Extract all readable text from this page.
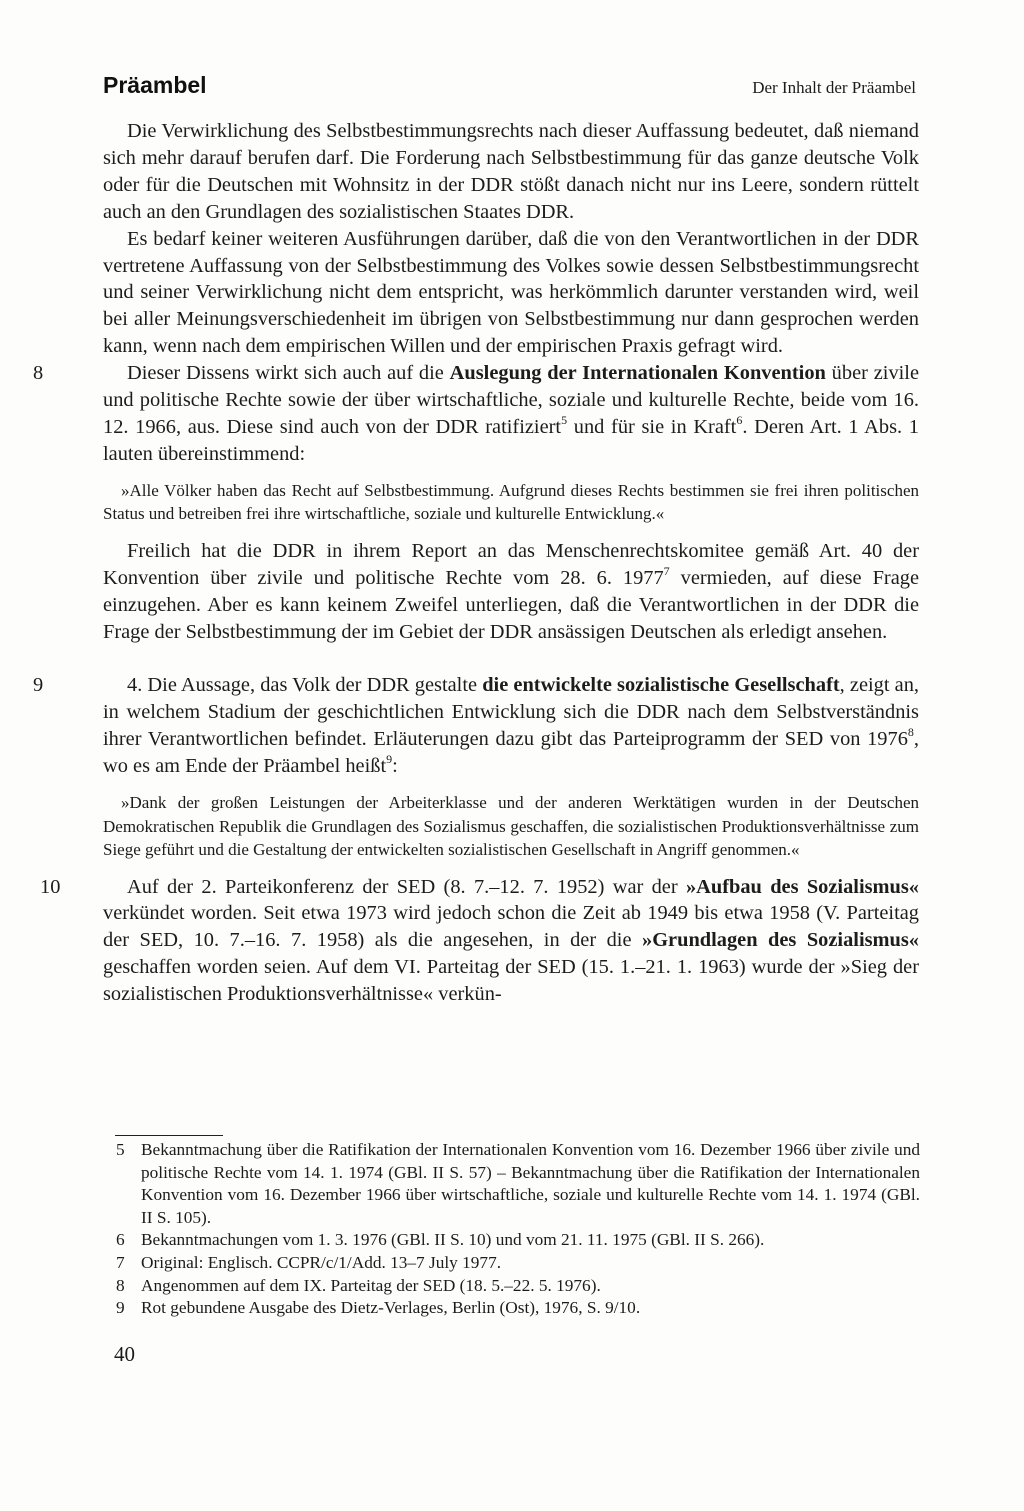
Präambel	Der Inhalt der Präambel

Die Verwirklichung des Selbstbestimmungsrechts nach dieser Auffassung bedeutet, daß niemand sich mehr darauf berufen darf. Die Forderung nach Selbstbestimmung für das ganze deutsche Volk oder für die Deutschen mit Wohnsitz in der DDR stößt danach nicht nur ins Leere, sondern rüttelt auch an den Grundlagen des sozialistischen Staates DDR.

Es bedarf keiner weiteren Ausführungen darüber, daß die von den Verantwortlichen in der DDR vertretene Auffassung von der Selbstbestimmung des Volkes sowie dessen Selbstbestimmungsrecht und seiner Verwirklichung nicht dem entspricht, was herkömmlich darunter verstanden wird, weil bei aller Meinungsverschiedenheit im übrigen von Selbstbestimmung nur dann gesprochen werden kann, wenn nach dem empirischen Willen und der empirischen Praxis gefragt wird.

8	Dieser Dissens wirkt sich auch auf die Auslegung der Internationalen Konvention über zivile und politische Rechte sowie der über wirtschaftliche, soziale und kulturelle Rechte, beide vom 16. 12. 1966, aus. Diese sind auch von der DDR ratifiziert$^5$ und für sie in Kraft$^6$. Deren Art. 1 Abs. 1 lauten übereinstimmend:

»Alle Völker haben das Recht auf Selbstbestimmung. Aufgrund dieses Rechts bestimmen sie frei ihren politischen Status und betreiben frei ihre wirtschaftliche, soziale und kulturelle Entwicklung.«

Freilich hat die DDR in ihrem Report an das Menschenrechtskomitee gemäß Art. 40 der Konvention über zivile und politische Rechte vom 28. 6. 1977$^7$ vermieden, auf diese Frage einzugehen. Aber es kann keinem Zweifel unterliegen, daß die Verantwortlichen in der DDR die Frage der Selbstbestimmung der im Gebiet der DDR ansässigen Deutschen als erledigt ansehen.

9	4. Die Aussage, das Volk der DDR gestalte die entwickelte sozialistische Gesellschaft, zeigt an, in welchem Stadium der geschichtlichen Entwicklung sich die DDR nach dem Selbstverständnis ihrer Verantwortlichen befindet. Erläuterungen dazu gibt das Parteiprogramm der SED von 1976$^8$, wo es am Ende der Präambel heißt$^9$:

»Dank der großen Leistungen der Arbeiterklasse und der anderen Werktätigen wurden in der Deutschen Demokratischen Republik die Grundlagen des Sozialismus geschaffen, die sozialistischen Produktionsverhältnisse zum Siege geführt und die Gestaltung der entwickelten sozialistischen Gesellschaft in Angriff genommen.«

10	Auf der 2. Parteikonferenz der SED (8. 7.–12. 7. 1952) war der »Aufbau des Sozialismus« verkündet worden. Seit etwa 1973 wird jedoch schon die Zeit ab 1949 bis etwa 1958 (V. Parteitag der SED, 10. 7.–16. 7. 1958) als die angesehen, in der die »Grundlagen des Sozialismus« geschaffen worden seien. Auf dem VI. Parteitag der SED (15. 1.–21. 1. 1963) wurde der »Sieg der sozialistischen Produktionsverhältnisse« verkün-

5 Bekanntmachung über die Ratifikation der Internationalen Konvention vom 16. Dezember 1966 über zivile und politische Rechte vom 14. 1. 1974 (GBl. II S. 57) – Bekanntmachung über die Ratifikation der Internationalen Konvention vom 16. Dezember 1966 über wirtschaftliche, soziale und kulturelle Rechte vom 14. 1. 1974 (GBl. II S. 105).
6 Bekanntmachungen vom 1. 3. 1976 (GBl. II S. 10) und vom 21. 11. 1975 (GBl. II S. 266).
7 Original: Englisch. CCPR/c/1/Add. 13–7 July 1977.
8 Angenommen auf dem IX. Parteitag der SED (18. 5.–22. 5. 1976).
9 Rot gebundene Ausgabe des Dietz-Verlages, Berlin (Ost), 1976, S. 9/10.
40
